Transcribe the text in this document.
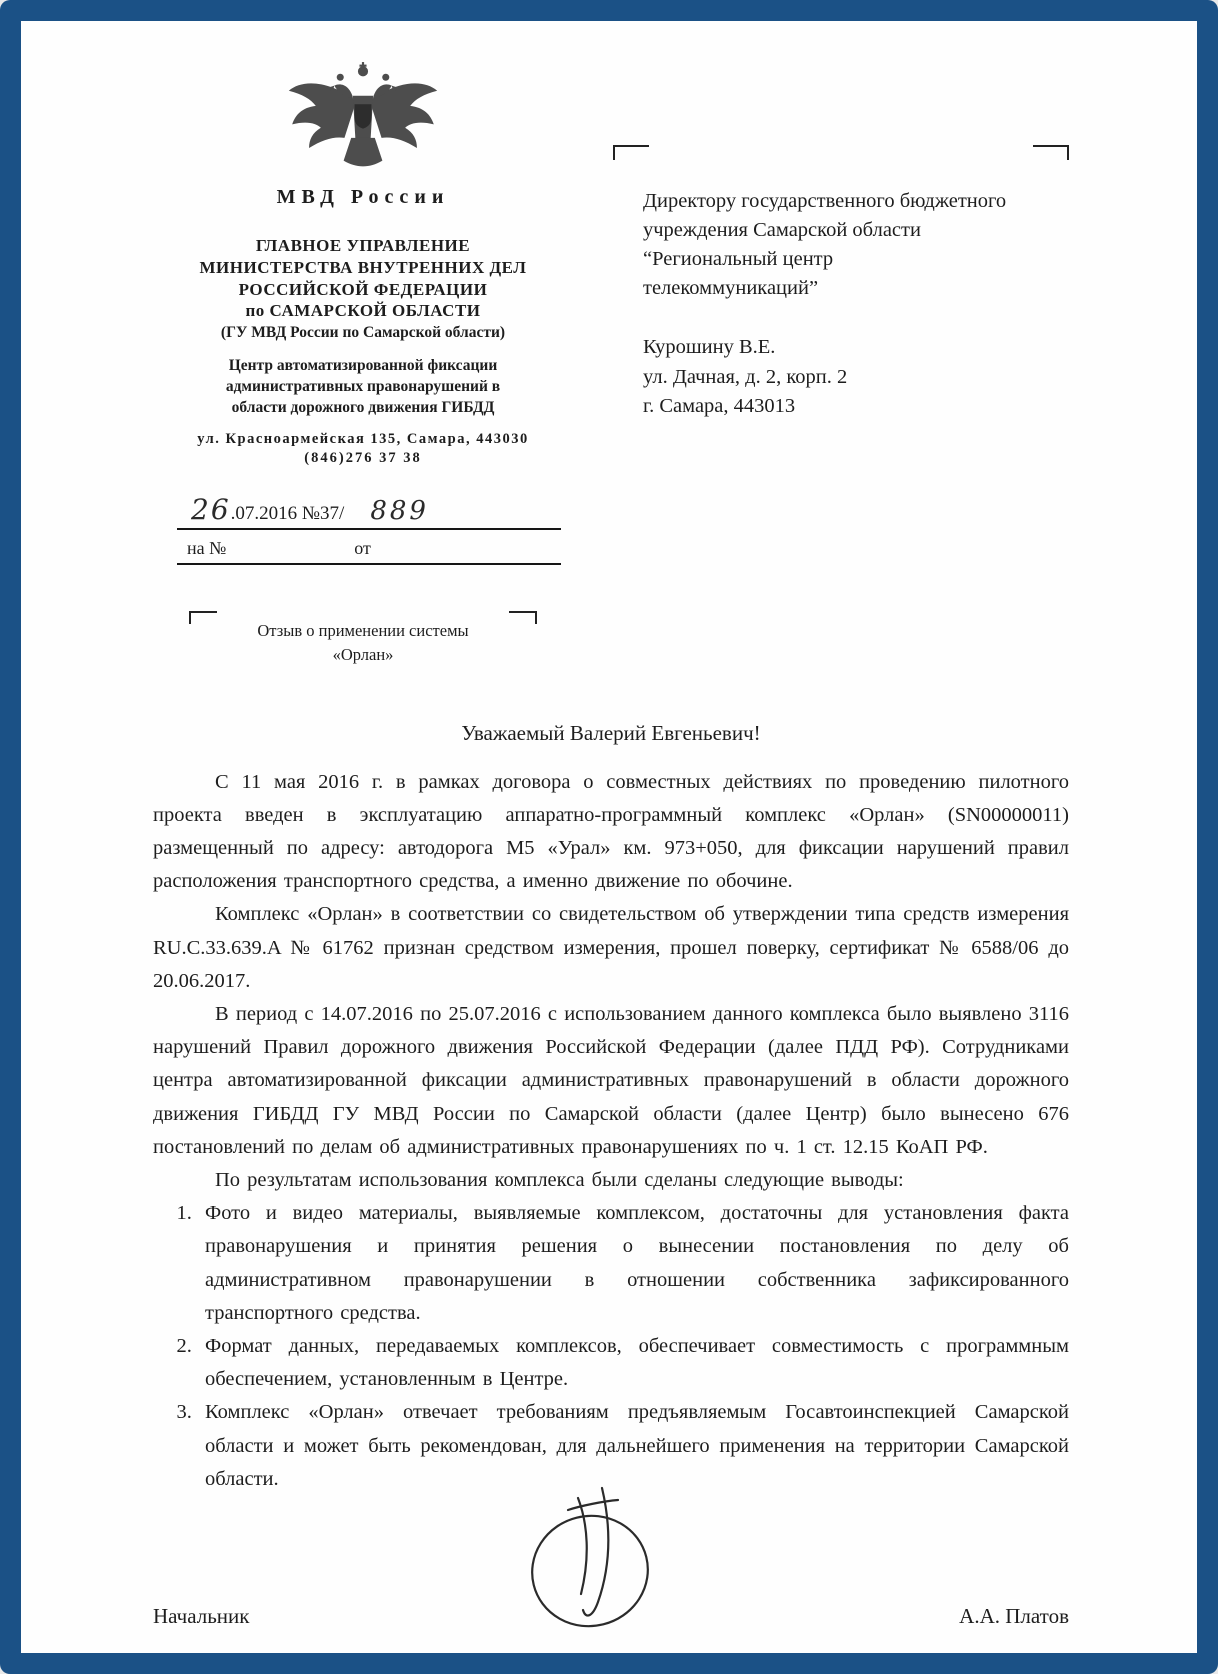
МВД России
ГЛАВНОЕ УПРАВЛЕНИЕ
МИНИСТЕРСТВА ВНУТРЕННИХ ДЕЛ
РОССИЙСКОЙ ФЕДЕРАЦИИ
по САМАРСКОЙ ОБЛАСТИ
(ГУ МВД России по Самарской области)
Центр автоматизированной фиксации
административных правонарушений в
области дорожного движения ГИБДД
ул. Красноармейская 135, Самара, 443030
(846)276 37 38
26.07.2016 №37/ 889
на №	от
Отзыв о применении системы
«Орлан»
Директору государственного бюджетного
учреждения Самарской области
“Региональный центр
телекоммуникаций”
Курошину В.Е.
ул. Дачная, д. 2, корп. 2
г. Самара, 443013
Уважаемый Валерий Евгеньевич!

С 11 мая 2016 г. в рамках договора о совместных действиях по проведению пилотного проекта введен в эксплуатацию аппаратно-программный комплекс «Орлан» (SN00000011) размещенный по адресу: автодорога М5 «Урал» км. 973+050, для фиксации нарушений правил расположения транспортного средства, а именно движение по обочине.

Комплекс «Орлан» в соответствии со свидетельством об утверждении типа средств измерения RU.C.33.639.A № 61762 признан средством измерения, прошел поверку, сертификат № 6588/06 до 20.06.2017.

В период с 14.07.2016 по 25.07.2016 с использованием данного комплекса было выявлено 3116 нарушений Правил дорожного движения Российской Федерации (далее ПДД РФ). Сотрудниками центра автоматизированной фиксации административных правонарушений в области дорожного движения ГИБДД ГУ МВД России по Самарской области (далее Центр) было вынесено 676 постановлений по делам об административных правонарушениях по ч. 1 ст. 12.15 КоАП РФ.

По результатам использования комплекса были сделаны следующие выводы:

1. Фото и видео материалы, выявляемые комплексом, достаточны для установления факта правонарушения и принятия решения о вынесении постановления по делу об административном правонарушении в отношении собственника зафиксированного транспортного средства.
2. Формат данных, передаваемых комплексов, обеспечивает совместимость с программным обеспечением, установленным в Центре.
3. Комплекс «Орлан» отвечает требованиям предъявляемым Госавтоинспекцией Самарской области и может быть рекомендован, для дальнейшего применения на территории Самарской области.
Начальник	А.А. Платов
